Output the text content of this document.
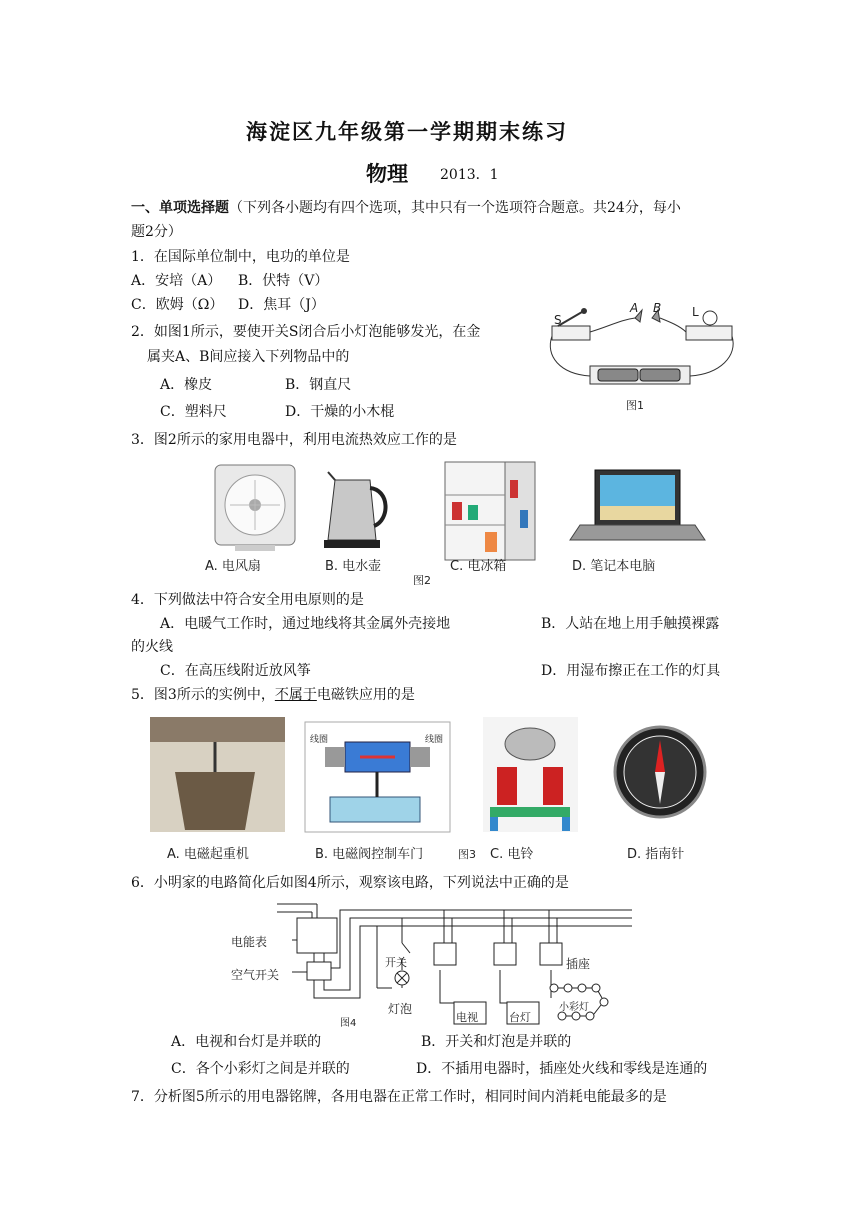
海淀区九年级第一学期期末练习
物理 2013．1
一、单项选择题（下列各小题均有四个选项，其中只有一个选项符合题意。共24分，每小
题2分）
1．在国际单位制中，电功的单位是
A．安培（A） B．伏特（V）
C．欧姆（Ω） D．焦耳（J）
2．如图1所示，要使开关S闭合后小灯泡能够发光，在金
属夹A、B间应接入下列物品中的
A．橡皮	B．钢直尺
C．塑料尺	D．干燥的小木棍
S
A B	L
图1
3．图2所示的家用电器中，利用电流热效应工作的是
A. 电风扇	B. 电水壶	C. 电冰箱	D. 笔记本电脑
图2
4．下列做法中符合安全用电原则的是
A．电暖气工作时，通过地线将其金属外壳接地	B．人站在地上用手触摸裸露
的火线
C．在高压线附近放风筝	D．用湿布擦正在工作的灯具
5．图3所示的实例中，不属于电磁铁应用的是
线圈	线圈
A. 电磁起重机	B. 电磁阀控制车门	图3 C. 电铃	D. 指南针
6．小明家的电路简化后如图4所示，观察该电路，下列说法中正确的是
电能表
空气开关
开关
灯泡
插座
电视	台灯
小彩灯
图4
A．电视和台灯是并联的	B．开关和灯泡是并联的
C．各个小彩灯之间是并联的	D．不插用电器时，插座处火线和零线是连通的
7．分析图5所示的用电器铭牌，各用电器在正常工作时，相同时间内消耗电能最多的是
